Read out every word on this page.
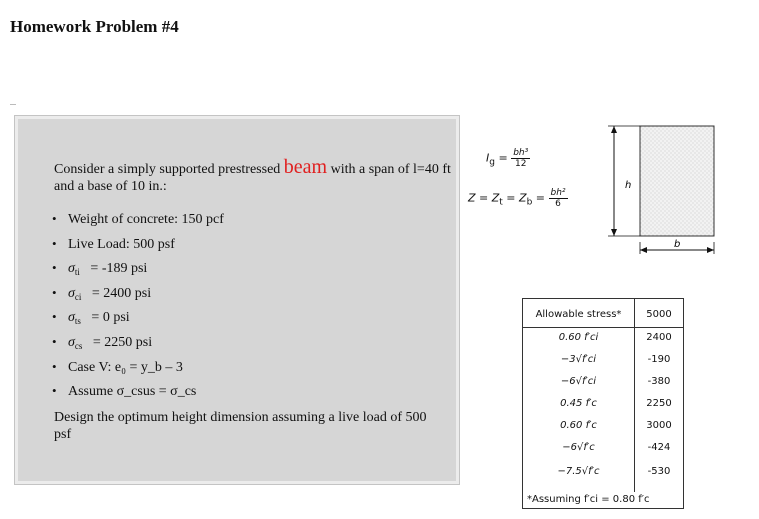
Homework Problem #4
Consider a simply supported prestressed beam with a span of l=40 ft and a base of 10 in.:
• Weight of concrete: 150 pcf
• Live Load: 500 psf
• $\sigma_{ti} = -189$ psi
• $\sigma_{ci} = 2400$ psi
• $\sigma_{ts} = 0$ psi
• $\sigma_{cs} = 2250$ psi
• Case V: e₀ = y_b – 3
• Assume σ_csus = σ_cs
Design the optimum height dimension assuming a live load of 500 psf
$I_g = \frac{\text{bh³}}{12}$
$Z = Z_t = Z_b = \frac{\text{bh²}}{6}$
h
b
Allowable stress*	5000
0.60 f′ci	2400
−3√f′ci	-190
−6√f′ci	-380
0.45 f′c	2250
0.60 f′c	3000
−6√f′c	-424
−7.5√f′c	-530
*Assuming f′ci = 0.80 f′c
